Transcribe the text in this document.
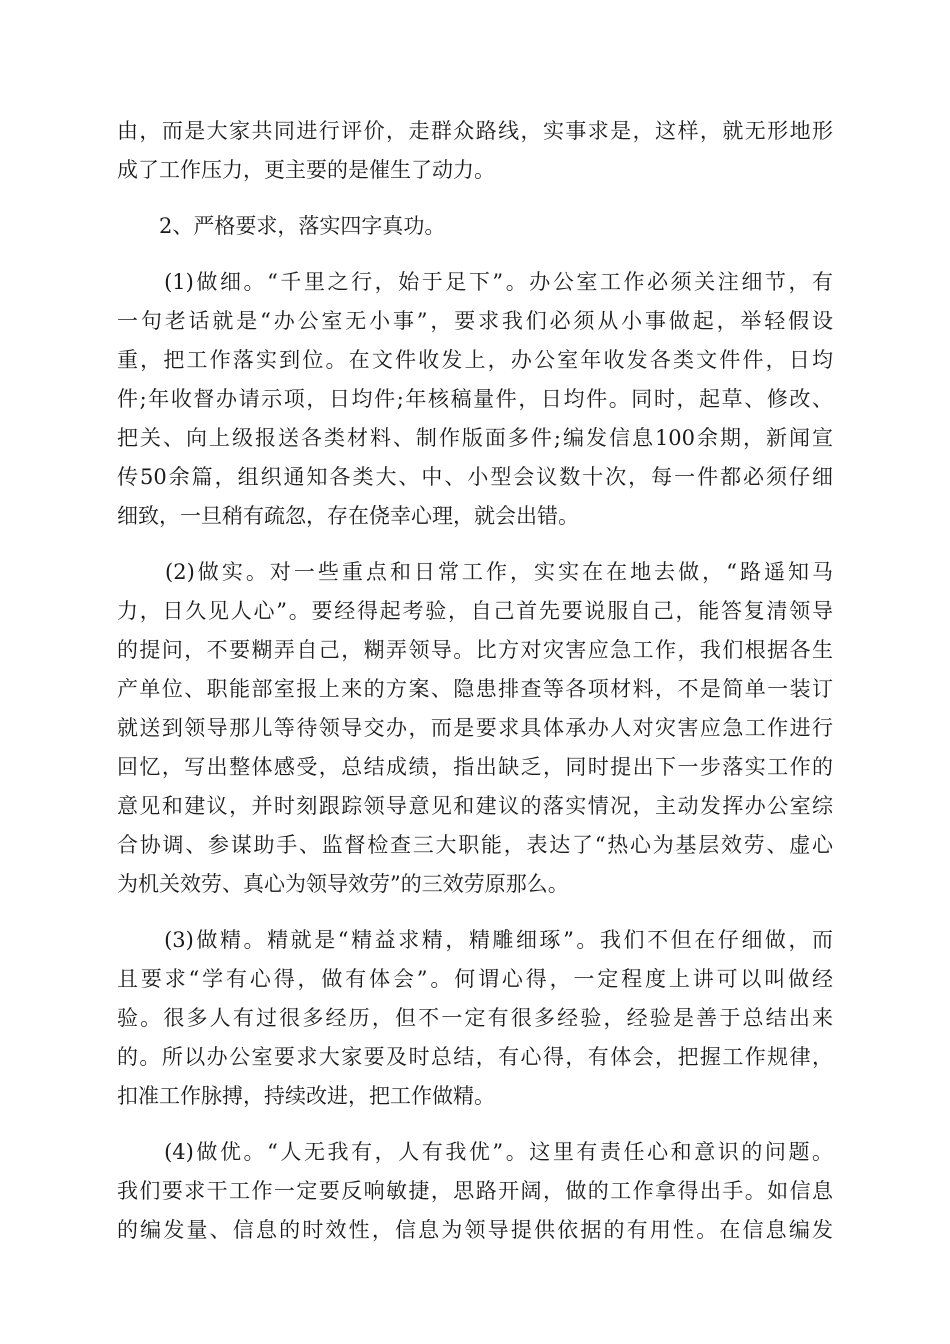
由，而是大家共同进行评价，走群众路线，实事求是，这样，就无形地形
成了工作压力，更主要的是催生了动力。
　　2、严格要求，落实四字真功。
　　(1)做细。“千里之行，始于足下”。办公室工作必须关注细节，有
一句老话就是“办公室无小事”，要求我们必须从小事做起，举轻假设
重，把工作落实到位。在文件收发上，办公室年收发各类文件件，日均
件;年收督办请示项，日均件;年核稿量件，日均件。同时，起草、修改、
把关、向上级报送各类材料、制作版面多件;编发信息100余期，新闻宣
传50余篇，组织通知各类大、中、小型会议数十次，每一件都必须仔细
细致，一旦稍有疏忽，存在侥幸心理，就会出错。
　　(2)做实。对一些重点和日常工作，实实在在地去做，“路遥知马
力，日久见人心”。要经得起考验，自己首先要说服自己，能答复清领导
的提问，不要糊弄自己，糊弄领导。比方对灾害应急工作，我们根据各生
产单位、职能部室报上来的方案、隐患排查等各项材料，不是简单一装订
就送到领导那儿等待领导交办，而是要求具体承办人对灾害应急工作进行
回忆，写出整体感受，总结成绩，指出缺乏，同时提出下一步落实工作的
意见和建议，并时刻跟踪领导意见和建议的落实情况，主动发挥办公室综
合协调、参谋助手、监督检查三大职能，表达了“热心为基层效劳、虚心
为机关效劳、真心为领导效劳”的三效劳原那么。
　　(3)做精。精就是“精益求精，精雕细琢”。我们不但在仔细做，而
且要求“学有心得，做有体会”。何谓心得，一定程度上讲可以叫做经
验。很多人有过很多经历，但不一定有很多经验，经验是善于总结出来
的。所以办公室要求大家要及时总结，有心得，有体会，把握工作规律，
扣准工作脉搏，持续改进，把工作做精。
　　(4)做优。“人无我有，人有我优”。这里有责任心和意识的问题。
我们要求干工作一定要反响敏捷，思路开阔，做的工作拿得出手。如信息
的编发量、信息的时效性，信息为领导提供依据的有用性。在信息编发
